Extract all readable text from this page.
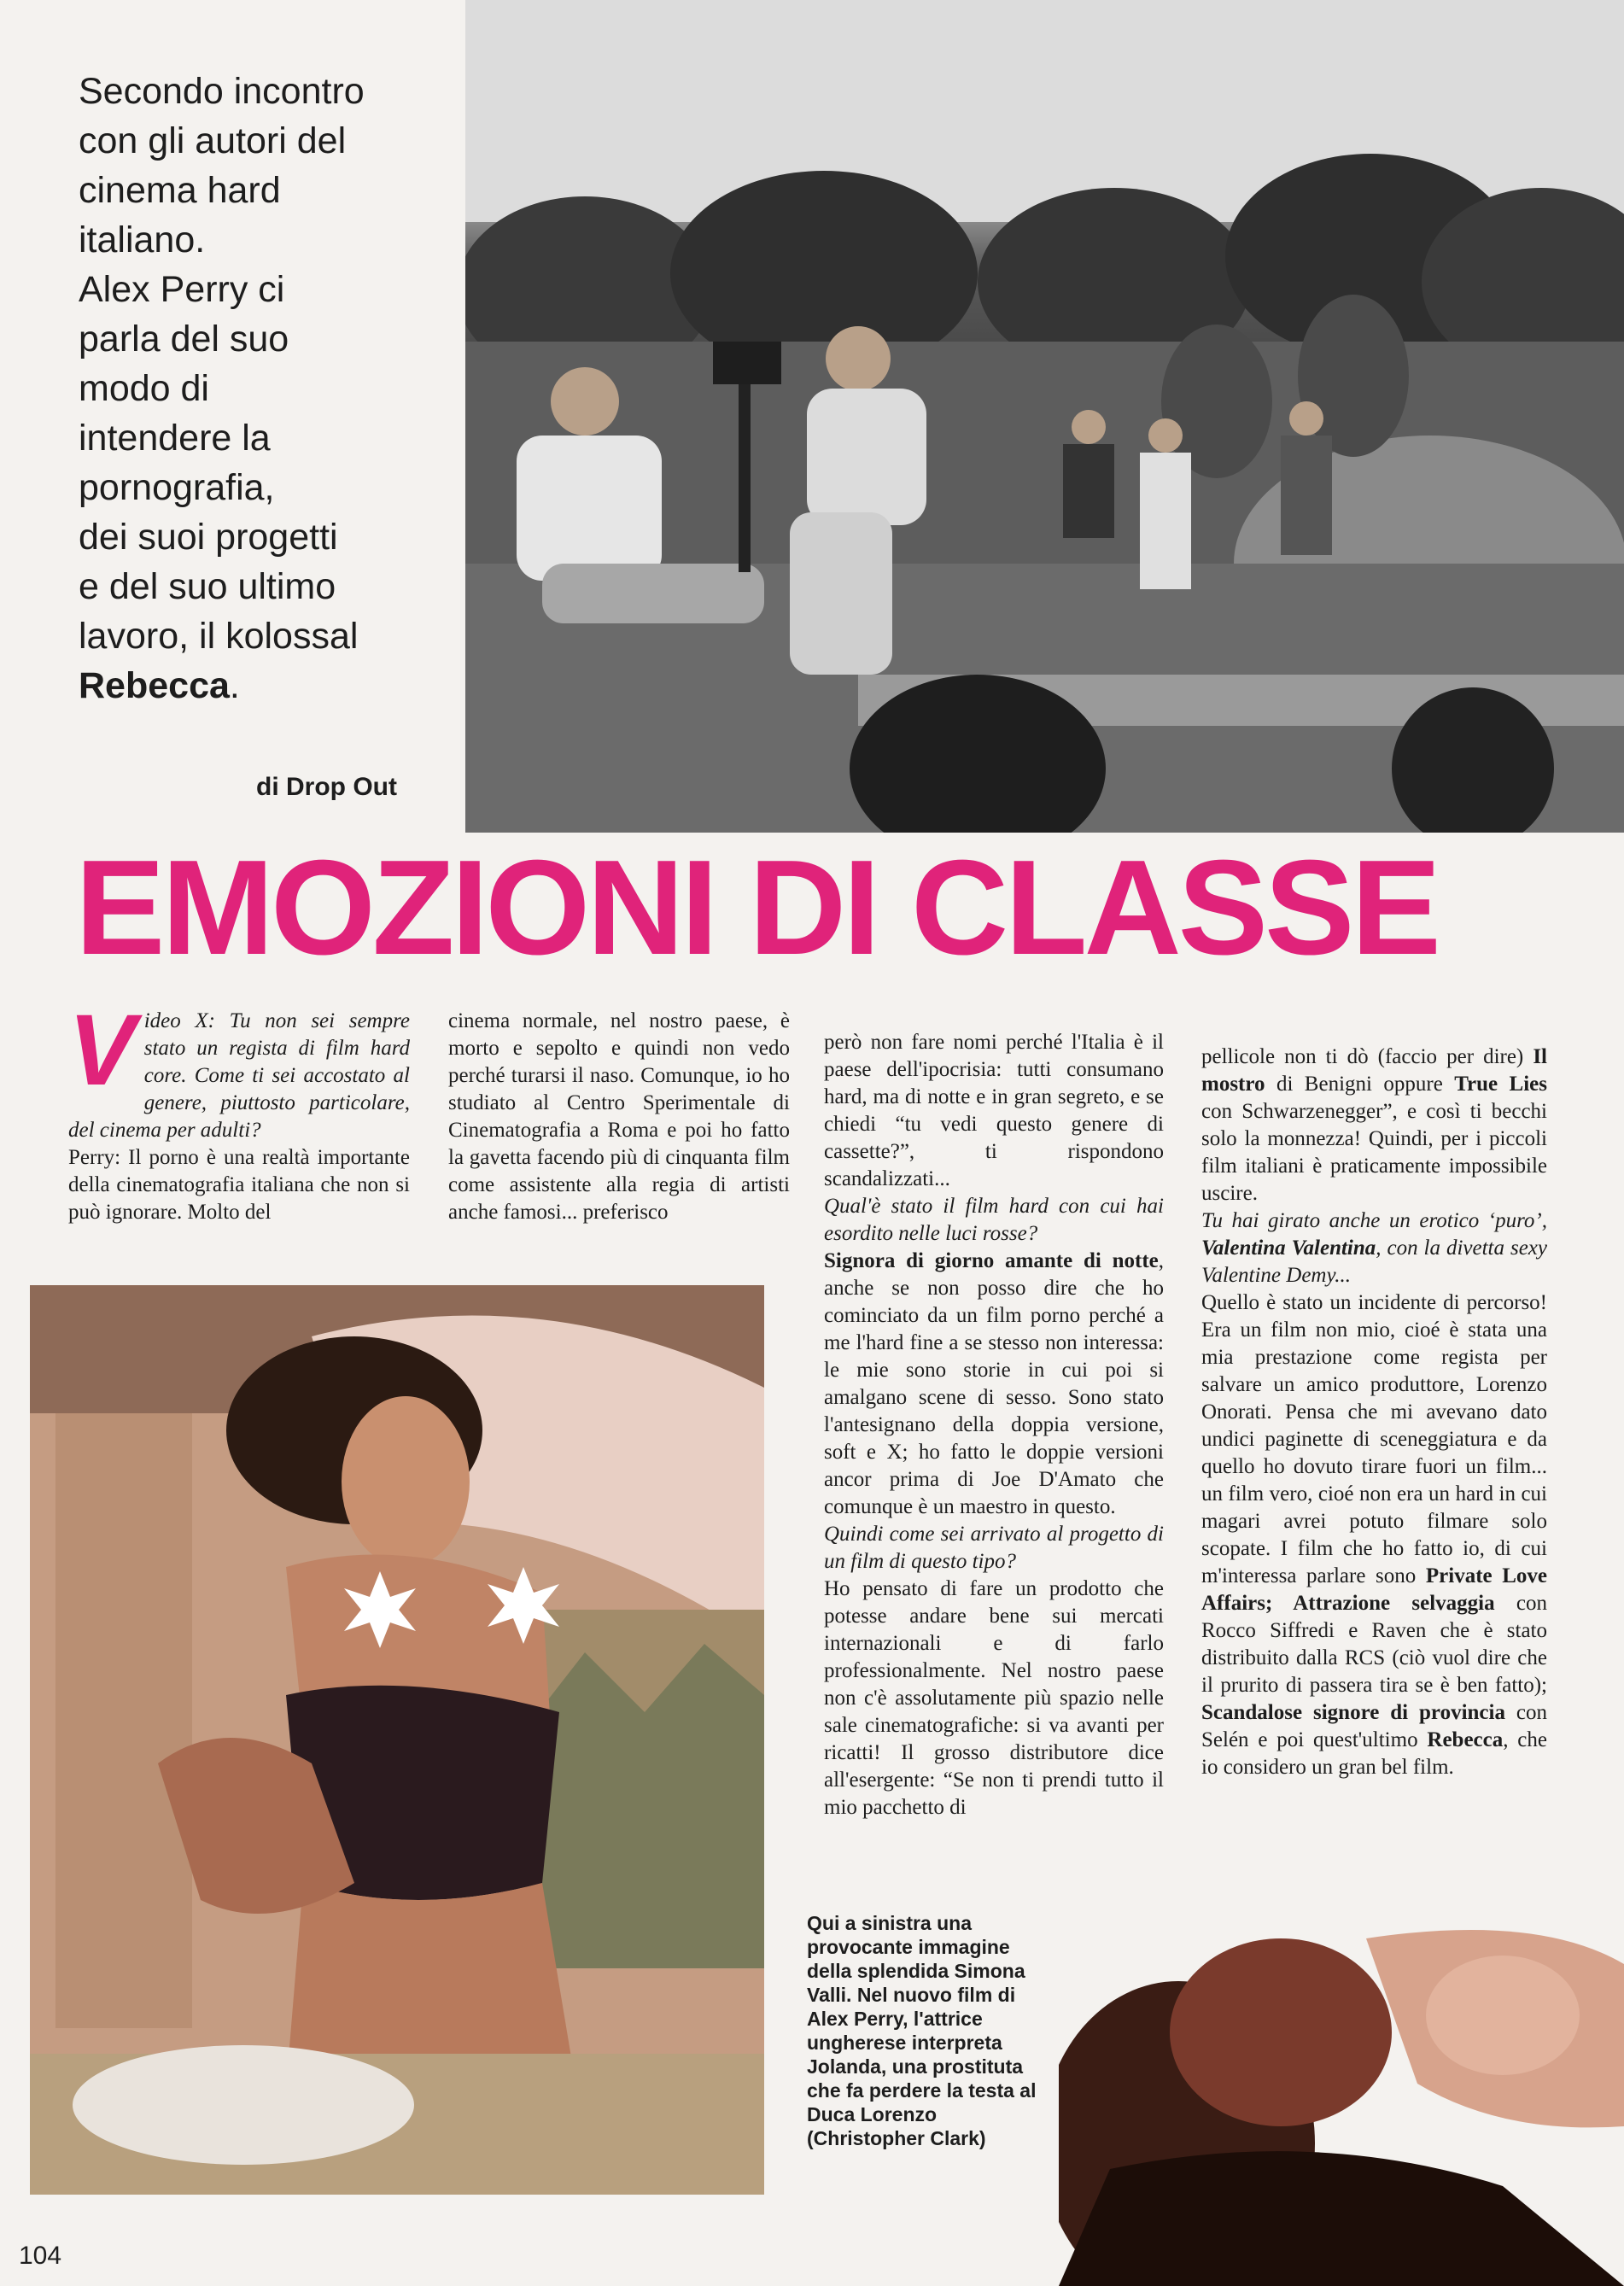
Secondo incontro
con gli autori del
cinema hard
italiano.
Alex Perry ci
parla del suo
modo di
intendere la
pornografia,
dei suoi progetti
e del suo ultimo
lavoro, il kolossal
Rebecca.
di Drop Out
EMOZIONI DI CLASSE
V ideo X: Tu non sei sempre stato un regista di film hard core. Come ti sei accostato al genere, piuttosto particolare, del cinema per adulti?
Perry: Il porno è una realtà importante della cinematografia italiana che non si può ignorare. Molto del
cinema normale, nel nostro paese, è morto e sepolto e quindi non vedo perché turarsi il naso. Comunque, io ho studiato al Centro Sperimentale di Cinematografia a Roma e poi ho fatto la gavetta facendo più di cinquanta film come assistente alla regia di artisti anche famosi... preferisco
però non fare nomi perché l'Italia è il paese dell'ipocrisia: tutti consumano hard, ma di notte e in gran segreto, e se chiedi “tu vedi questo genere di cassette?”, ti rispondono scandalizzati...
Qual'è stato il film hard con cui hai esordito nelle luci rosse?
Signora di giorno amante di notte, anche se non posso dire che ho cominciato da un film porno perché a me l'hard fine a se stesso non interessa: le mie sono storie in cui poi si amalgano scene di sesso. Sono stato l'antesignano della doppia versione, soft e X; ho fatto le doppie versioni ancor prima di Joe D'Amato che comunque è un maestro in questo.
Quindi come sei arrivato al progetto di un film di questo tipo?
Ho pensato di fare un prodotto che potesse andare bene sui mercati internazionali e di farlo professionalmente. Nel nostro paese non c'è assolutamente più spazio nelle sale cinematografiche: si va avanti per ricatti! Il grosso distributore dice all'esergente: “Se non ti prendi tutto il mio pacchetto di
pellicole non ti dò (faccio per dire) Il mostro di Benigni oppure True Lies con Schwarzenegger”, e così ti becchi solo la monnezza! Quindi, per i piccoli film italiani è praticamente impossibile uscire.
Tu hai girato anche un erotico ‘puro’, Valentina Valentina, con la divetta sexy Valentine Demy...
Quello è stato un incidente di percorso! Era un film non mio, cioé è stata una mia prestazione come regista per salvare un amico produttore, Lorenzo Onorati. Pensa che mi avevano dato undici paginette di sceneggiatura e da quello ho dovuto tirare fuori un film... un film vero, cioé non era un hard in cui magari avrei potuto filmare solo scopate. I film che ho fatto io, di cui m'interessa parlare sono Private Love Affairs; Attrazione selvaggia con Rocco Siffredi e Raven che è stato distribuito dalla RCS (ciò vuol dire che il prurito di passera tira se è ben fatto); Scandalose signore di provincia con Selén e poi quest'ultimo Rebecca, che io considero un gran bel film.
Qui a sinistra una provocante immagine della splendida Simona Valli. Nel nuovo film di Alex Perry, l'attrice ungherese interpreta Jolanda, una prostituta che fa perdere la testa al Duca Lorenzo (Christopher Clark)
104
